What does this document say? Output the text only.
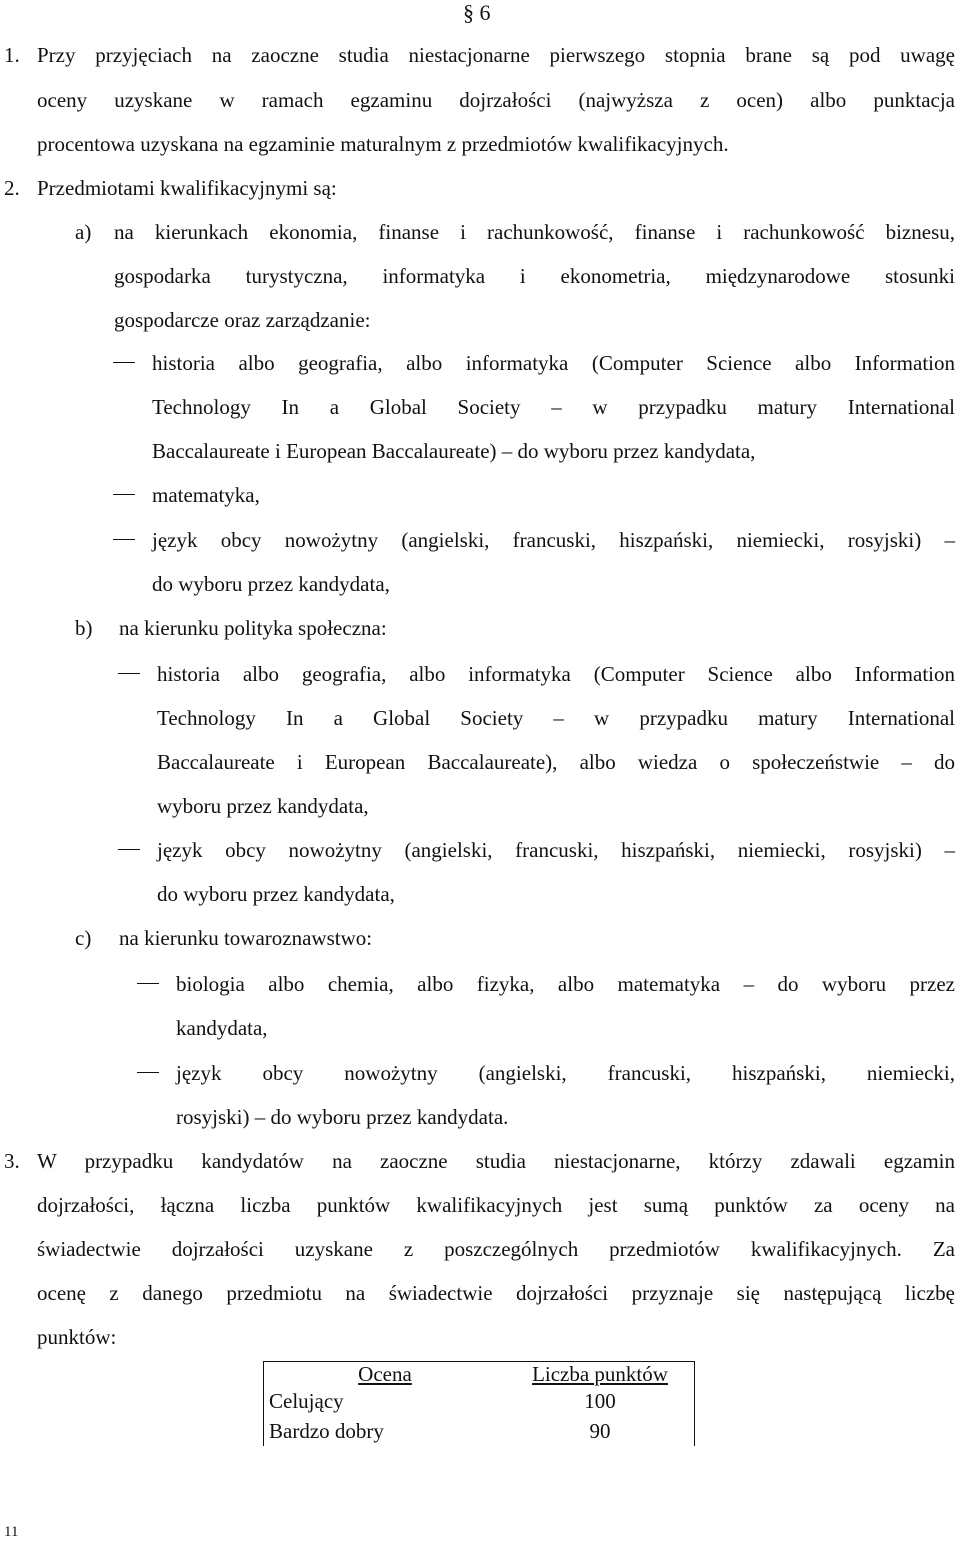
§ 6
1. Przy przyjęciach na zaoczne studia niestacjonarne pierwszego stopnia brane są pod uwagę
oceny uzyskane w ramach egzaminu dojrzałości (najwyższa z ocen) albo punktacja
procentowa uzyskana na egzaminie maturalnym z przedmiotów kwalifikacyjnych.
2. Przedmiotami kwalifikacyjnymi są:
a) na kierunkach ekonomia, finanse i rachunkowość, finanse i rachunkowość biznesu,
gospodarka turystyczna, informatyka i ekonometria, międzynarodowe stosunki
gospodarcze oraz zarządzanie:
historia albo geografia, albo informatyka (Computer Science albo Information
Technology In a Global Society – w przypadku matury International
Baccalaureate i European Baccalaureate) – do wyboru przez kandydata,
matematyka,
język obcy nowożytny (angielski, francuski, hiszpański, niemiecki, rosyjski) –
do wyboru przez kandydata,
b) na kierunku polityka społeczna:
historia albo geografia, albo informatyka (Computer Science albo Information
Technology In a Global Society – w przypadku matury International
Baccalaureate i European Baccalaureate), albo wiedza o społeczeństwie – do
wyboru przez kandydata,
język obcy nowożytny (angielski, francuski, hiszpański, niemiecki, rosyjski) –
do wyboru przez kandydata,
c) na kierunku towaroznawstwo:
biologia albo chemia, albo fizyka, albo matematyka – do wyboru przez
kandydata,
język obcy nowożytny (angielski, francuski, hiszpański, niemiecki,
rosyjski) – do wyboru przez kandydata.
3. W przypadku kandydatów na zaoczne studia niestacjonarne, którzy zdawali egzamin
dojrzałości, łączna liczba punktów kwalifikacyjnych jest sumą punktów za oceny na
świadectwie dojrzałości uzyskane z poszczególnych przedmiotów kwalifikacyjnych. Za
ocenę z danego przedmiotu na świadectwie dojrzałości przyznaje się następującą liczbę
punktów:
Ocena	Liczba punktów
Celujący	100
Bardzo dobry	90
11
